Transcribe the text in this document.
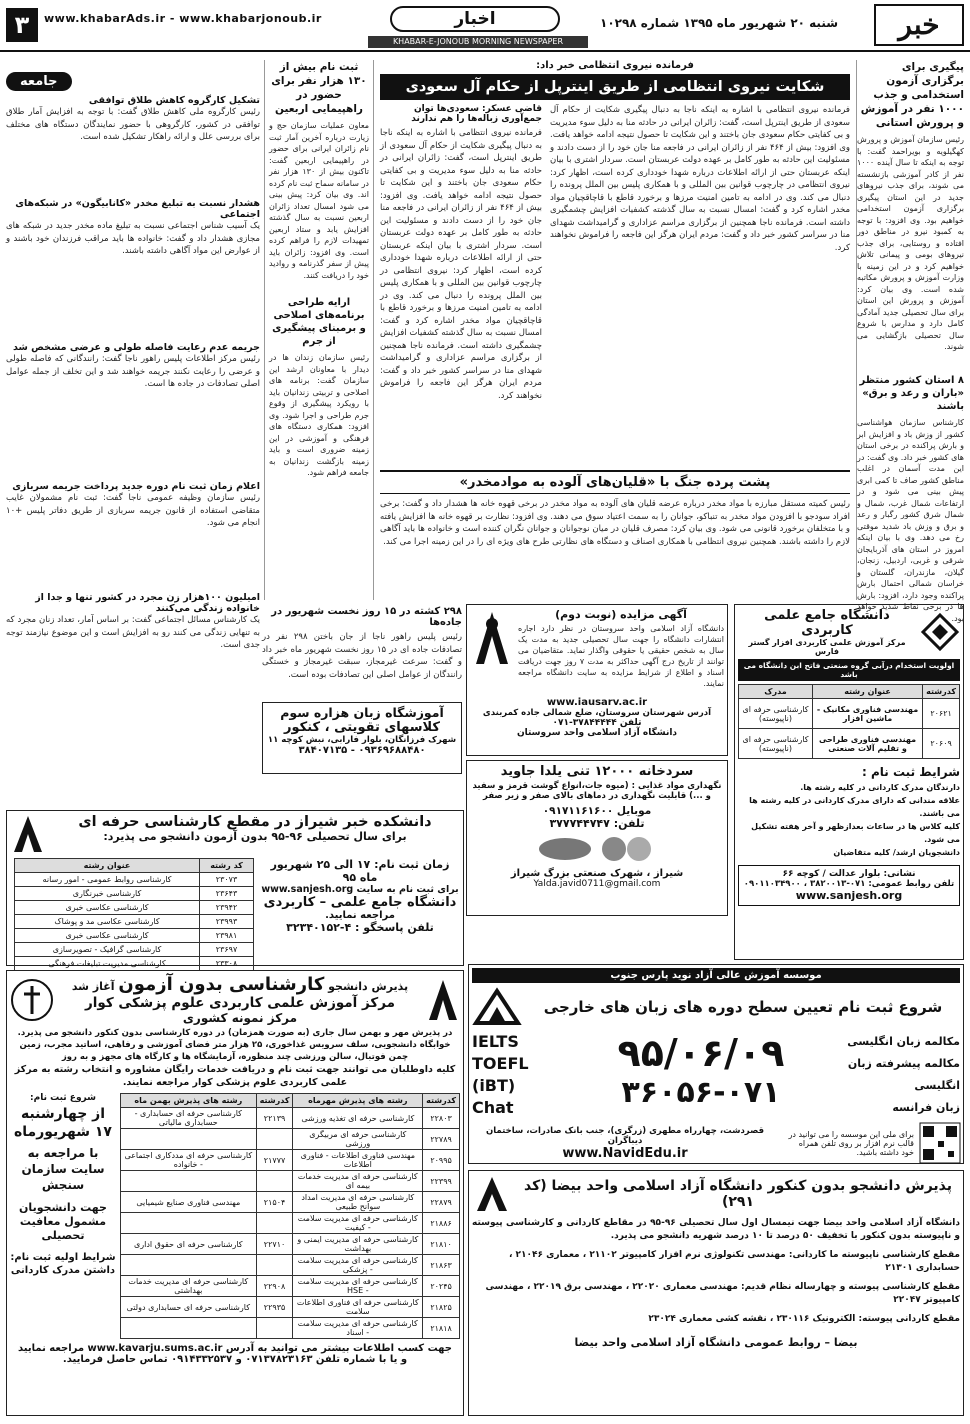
۳	www.khabarAds.ir - www.khabarjonoub.ir	اخبار
KHABAR-E-JONOUB MORNING NEWSPAPER
شنبه ۲۰ شهریور ماه ۱۳۹۵ شماره ۱۰۲۹۸	خبر
پیگیری برای برگزاری آزمون استخدامی و جذب ۱۰۰۰ نفر در آموزش و پرورش استانی
رئیس سازمان آموزش و پرورش کهگیلویه و بویراحمد گفت: با توجه به اینکه تا سال آینده ۱۰۰۰ نفر از کادر آموزشی بازنشسته می شوند، برای جذب نیروهای جدید در این استان پیگیری برگزاری آزمون استخدامی خواهیم بود. وی افزود: با توجه به کمبود نیرو در مناطق دور افتاده و روستایی، برای جذب نیروهای بومی و پیمانی تلاش خواهیم کرد و در این زمینه با وزارت آموزش و پرورش مکاتبه شده است. وی بیان کرد: آموزش و پرورش این استان برای سال تحصیلی جدید آمادگی کامل دارد و مدارس با شروع سال تحصیلی بازگشایی می شوند.
۸ استان کشور منتظر «باران و رعد و برق» باشند
کارشناس سازمان هواشناسی کشور از وزش باد و افزایش ابر و بارش پراکنده در برخی استان های کشور خبر داد. وی گفت: در این مدت آسمان در اغلب مناطق کشور صاف تا کمی ابری پیش بینی می شود و در ارتفاعات شمال غرب، شمال و شمال شرق کشور رگبار و رعد و برق و وزش باد شدید موقتی رخ می دهد. وی با بیان اینکه امروز در استان های آذربایجان شرقی و غربی، اردبیل، زنجان، گیلان، مازندران، گلستان و خراسان شمالی احتمال بارش پراکنده وجود دارد، افزود: بارش ها در برخی نقاط شدید خواهد بود.
فرمانده نیروی انتظامی خبر داد:
شکایت نیروی انتظامی از طریق اینترپل از حکام آل سعودی
فرمانده نیروی انتظامی با اشاره به اینکه ناجا به دنبال پیگیری شکایت از حکام آل سعودی از طریق اینترپل است، گفت: زائران ایرانی در حادثه منا به دلیل سوء مدیریت و بی کفایتی حکام سعودی جان باختند و این شکایت تا حصول نتیجه ادامه خواهد یافت. وی افزود: بیش از ۴۶۴ نفر از زائران ایرانی در فاجعه منا جان خود را از دست دادند و مسئولیت این حادثه به طور کامل بر عهده دولت عربستان است. سردار اشتری با بیان اینکه عربستان حتی از ارائه اطلاعات درباره شهدا خودداری کرده است، اظهار کرد: نیروی انتظامی در چارچوب قوانین بین المللی و با همکاری پلیس بین الملل پرونده را دنبال می کند. وی در ادامه به تامین امنیت مرزها و برخورد قاطع با قاچاقچیان مواد مخدر اشاره کرد و گفت: امسال نسبت به سال گذشته کشفیات افزایش چشمگیری داشته است. فرمانده ناجا همچنین از برگزاری مراسم عزاداری و گرامیداشت شهدای منا در سراسر کشور خبر داد و گفت: مردم ایران هرگز این فاجعه را فراموش نخواهند کرد.
قاضی عسکر: سعودی‌ها توان جمع‌آوری زباله‌ها را هم ندارند
فرمانده نیروی انتظامی با اشاره به اینکه ناجا به دنبال پیگیری شکایت از حکام آل سعودی از طریق اینترپل است، گفت: زائران ایرانی در حادثه منا به دلیل سوء مدیریت و بی کفایتی حکام سعودی جان باختند و این شکایت تا حصول نتیجه ادامه خواهد یافت. وی افزود: بیش از ۴۶۴ نفر از زائران ایرانی در فاجعه منا جان خود را از دست دادند و مسئولیت این حادثه به طور کامل بر عهده دولت عربستان است. سردار اشتری با بیان اینکه عربستان حتی از ارائه اطلاعات درباره شهدا خودداری کرده است، اظهار کرد: نیروی انتظامی در چارچوب قوانین بین المللی و با همکاری پلیس بین الملل پرونده را دنبال می کند. وی در ادامه به تامین امنیت مرزها و برخورد قاطع با قاچاقچیان مواد مخدر اشاره کرد و گفت: امسال نسبت به سال گذشته کشفیات افزایش چشمگیری داشته است. فرمانده ناجا همچنین از برگزاری مراسم عزاداری و گرامیداشت شهدای منا در سراسر کشور خبر داد و گفت: مردم ایران هرگز این فاجعه را فراموش نخواهند کرد.
ثبت نام بیش از ۱۳۰ هزار نفر برای حضور در راهپیمایی اربعین
معاون عملیات سازمان حج و زیارت درباره آخرین آمار ثبت نام زائران ایرانی برای حضور در راهپیمایی اربعین گفت: تاکنون بیش از ۱۳۰ هزار نفر در سامانه سماح ثبت نام کرده اند. وی بیان کرد: پیش بینی می شود امسال تعداد زائران اربعین نسبت به سال گذشته افزایش یابد و ستاد اربعین تمهیدات لازم را فراهم کرده است. وی افزود: زائران باید پیش از سفر گذرنامه و روادید خود را دریافت کنند.
ارایه طراحی برنامه‌های اصلاحی و برمبنای پیشگیری از جرم
رئیس سازمان زندان ها در دیدار با معاونان ارشد این سازمان گفت: برنامه های اصلاحی و تربیتی زندانیان باید با رویکرد پیشگیری از وقوع جرم طراحی و اجرا شود. وی افزود: همکاری دستگاه های فرهنگی و آموزشی در این زمینه ضروری است و باید زمینه بازگشت زندانیان به جامعه فراهم شود.
جامعه
تشکیل کارگروه کاهش طلاق توافقی
رئیس کارگروه ملی کاهش طلاق گفت: با توجه به افزایش آمار طلاق توافقی در کشور، کارگروهی با حضور نمایندگان دستگاه های مختلف برای بررسی علل و ارائه راهکار تشکیل شده است.
هشدار نسبت به تبلیغ مخدر «کانابیگون» در شبکه‌های اجتماعی
یک آسیب شناس اجتماعی نسبت به تبلیغ ماده مخدر جدید در شبکه های مجازی هشدار داد و گفت: خانواده ها باید مراقب فرزندان خود باشند و از عوارض این مواد آگاهی داشته باشند.
جریمه عدم رعایت فاصله طولی و عرضی مشخص شد
رئیس مرکز اطلاعات پلیس راهور ناجا گفت: رانندگانی که فاصله طولی و عرضی را رعایت نکنند جریمه خواهند شد و این تخلف از جمله عوامل اصلی تصادفات در جاده ها است.
اعلام زمان ثبت نام دوره جدید پرداخت جریمه سربازی
رئیس سازمان وظیفه عمومی ناجا گفت: ثبت نام مشمولان غایب متقاضی استفاده از قانون جریمه سربازی از طریق دفاتر پلیس +۱۰ انجام می شود.
امیلیون ۱۰۰هزار زن مجرد در کشور تنها و جدا از خانواده زندگی می‌کنند
یک کارشناس مسائل اجتماعی گفت: بر اساس آمار، تعداد زنان مجرد که به تنهایی زندگی می کنند رو به افزایش است و این موضوع نیازمند توجه جدی است.
پشت پرده جنگ با «قلیان‌های آلوده به موادمخدر»
رئیس کمیته مستقل مبارزه با مواد مخدر درباره عرضه قلیان های آلوده به مواد مخدر در برخی قهوه خانه ها هشدار داد و گفت: برخی افراد سودجو با افزودن مواد مخدر به تنباکو، جوانان را به سمت اعتیاد سوق می دهند. وی افزود: نظارت بر قهوه خانه ها افزایش یافته و با متخلفان برخورد قانونی می شود. وی بیان کرد: مصرف قلیان در میان نوجوانان و جوانان نگران کننده است و خانواده ها باید آگاهی لازم را داشته باشند. همچنین نیروی انتظامی با همکاری اصناف و دستگاه های نظارتی طرح های ویژه ای را در این زمینه اجرا می کند.
۲۹۸ کشته در ۱۵ روز نخست شهریور در جاده‌ها
رئیس پلیس راهور ناجا از جان باختن ۲۹۸ نفر در تصادفات جاده ای در ۱۵ روز نخست شهریور ماه خبر داد و گفت: سرعت غیرمجاز، سبقت غیرمجاز و خستگی رانندگان از عوامل اصلی این تصادفات بوده است.
آموزشگاه زبان هزاره سوم
کلاسهای تقویتی ، کنکور
شهرک فرزانگان، بلوار فارابی، نبش کوچه ۱۱
۰۹۳۶۹۶۸۸۴۸۰ - ۳۸۴۰۷۱۳۵
آگهی مزایده (نوبت دوم)
دانشگاه آزاد اسلامی واحد سروستان در نظر دارد اجاره انتشارات دانشگاه را جهت سال تحصیلی جدید به مدت یک سال به شخص حقیقی یا حقوقی واگذار نماید. متقاضیان می توانند از تاریخ درج آگهی حداکثر به مدت ۷ روز جهت دریافت اسناد و اطلاع از شرایط مزایده به سایت دانشگاه مراجعه نمایند.
www.iausarv.ac.ir
آدرس شهرستان سروستان، ضلع شمالی جاده کمربندی
تلفن ۳۷۸۴۴۴۴۴-۰۷۱
دانشگاه آزاد اسلامی واحد سروستان
سردخانه ۱۲۰۰۰ تنی یلدا جاوید
نگهداری مواد غذایی : (میوه جات،انواع گوشت قرمز و سفید و ...) قابلیت نگهداری در دماهای بالای صفر و زیر صفر
موبایل ۰۹۱۷۱۱۶۱۶۰۰
تلفن: ۳۷۷۷۴۴۷۴۷
شیراز ، شهرک صنعتی بزرگ شیراز
Yalda.javid0711@gmail.com
دانشگاه جامع علمی کاربردی
مرکز آموزش علمی کاربردی افزار گستر فارس
اولویت استخدام درآبی گروه صنعتی فاتح ابن دانشگاه می باشد
کدرشته	عنوان رشته	مدرک
۲۰۶۲۱	مهندسی فناوری مکانیک - ماشین افزار	کارشناسی حرفه ای (ناپیوسته)
۲۰۶۰۹	مهندسی فناوری طراحی و تقلیم آلات صنعتی	کارشناسی حرفه ای (ناپیوسته)
شرایط ثبت نام :
دارندگان مدرک کاردانی در کلیه رشته ها.
علاقه مندانی که دارای مدرک کاردانی در کلیه رشته ها می باشند.
کلیه کلاس ها در ساعات بعدازظهر و آخر هفته تشکیل می شود.
دانشجویان ارشد/ کلیه متقاضیان
نشانی: بلوار عدالت / کوچه ۶۶
تلفن روابط عمومی: ۰۷۱-۳۸۲۰۰۱۳ ، ۰۹۰۱۱۰۳۴۹۰۰
www.sanjesh.org
دانشکده خبر شیراز در مقطع کارشناسی حرفه ای
برای سال تحصیلی ۹۶-۹۵ بدون آزمون دانشجو می پذیرد:
زمان ثبت نام: ۱۷ الی ۲۵ شهریور ماه ۹۵
برای ثبت نام به سایت www.sanjesh.org
دانشگاه جامع علمی – کاربردی
مراجعه نمایید.
تلفن پاسخگو : ۴-۳۲۳۴۰۱۵۲
کد رشته	عنوان رشته
۲۳۰۷۳	کارشناسی روابط عمومی - امور رسانه
۲۳۶۴۳	کارشناسی خبرنگاری
۲۳۹۴۲	کارشناسی عکاسی خبری
۲۳۹۹۳	کارشناسی عکاسی مد و پوشاک
۲۳۹۸۱	کارشناسی عکاسی خبری
۲۳۶۹۷	کارشناسی گرافیک - تصویرسازی
۲۳۳۰۸	کارشناسی مدیریت تبلیغات فرهنگی
موسسه آموزش عالی آزاد نوید پارس جنوب
شروع ثبت نام تعیین سطح دوره های زبان های خارجی
مکالمه زبان انگلیسی
مکالمه پیشرفته زبان انگلیسی
زبان فرانسه
۹۵/۰۶/۰۹
۳۶۰۵۶-۰۷۱
IELTS
TOEFL (iBT)
Chat
برای ملی این موسسه را می توانید در قالب نرم افزار بر روی تلفن همراه خود داشته باشید.
قصردشت، چهارراه مطهری (زرگری)، جنب بانک صادرات، ساختمان دیباگران
www.NavidEdu.ir
پذیرش دانشجو کارشناسی بدون آزمون آغاز شد
مرکز آموزش علمی کاربردی علوم پزشکی کوار
مرکز نمونه کشوری
در پذیرش مهر و بهمن سال جاری (به صورت همزمان) در دوره کارشناسی بدون کنکور دانشجو می پذیرد.
خوابگاه دانشجویی، سلف سرویس غذاخوری، ۲۵ هزار متر فضای آموزشی و رفاهی، اساتید مجرب، زمین چمن فوتبال، سالن ورزشی چند منظوره، آزمایشگاه ها و کارگاه های مجهز و به روز
کلیه داوطلبان می توانند جهت ثبت نام و دریافت خدمات رایگان مشاوره و انتخاب رشته به مرکز علمی کاربردی علوم پزشکی کوار مراجعه نمایند.
کدرشته	رشته های پذیرش مهرماه	کدرشته	رشته های پذیرش بهمن ماه
۲۲۸۰۳	کارشناسی حرفه ای تغذیه ورزشی	۲۲۱۳۹	کارشناسی حرفه ای حسابداری - حسابداری مالیاتی
۲۲۷۸۹	کارشناسی حرفه ای مربیگری ورزشی		
۲۰۹۹۵	مهندسی فناوری اطلاعات - فناوری اطلاعات	۲۱۷۷۷	کارشناسی حرفه ای مددکاری اجتماعی - خانواده
۲۲۳۹۹	کارشناسی حرفه ای مدیریت خدمات بیمه ای		
۲۲۸۷۹	کارشناسی حرفه ای مدیریت امداد سوانح طبیعی	۲۱۵۰۴	مهندسی فناوری صنایع شیمیایی
۲۱۸۸۶	کارشناسی حرفه ای مدیریت سلامت - کیفیت		
۲۱۸۱۰	کارشناسی حرفه ای مدیریت ایمنی و بهداشت	۲۲۷۱۰	کارشناسی حرفه ای حقوق اداری
۲۱۸۶۳	کارشناسی حرفه ای مدیریت سلامت - پزشکی		
۲۰۲۴۵	کارشناسی حرفه ای مدیریت سلامت - HSE	۲۲۹۰۸	کارشناسی حرفه ای مدیریت خدمات بهداشتی
۲۱۸۲۵	کارشناسی حرفه ای فناوری اطلاعات سلامت	۲۲۹۳۵	کارشناسی حرفه ای حسابداری دولتی
۲۱۸۱۸	کارشناسی حرفه ای مدیریت سلامت - اسناد		
شروع ثبت نام:
از چهارشنبه ۱۷ شهریورماه
با مراجعه به سایت سازمان سنجش
جهت دانشجویان مشمول معافیت تحصیلی
شرایط اولیه ثبت نام: داشتن مدرک کاردانی
جهت کسب اطلاعات بیشتر می توانید به آدرس www.kavarju.sums.ac.ir مراجعه نمایید
و یا با شماره تلفن ۰۷۱۳۷۸۲۳۱۶۳ و ۰۹۱۴۳۳۲۵۳۷ تماس حاصل فرمایید.
پذیرش دانشجو بدون کنکور دانشگاه آزاد اسلامی واحد بیضا (کد ۲۹۱)
دانشگاه آزاد اسلامی واحد بیضا جهت نیمسال اول سال تحصیلی ۹۶-۹۵ در مقاطع کاردانی و کارشناسی پیوسته و ناپیوسته بدون کنکور با تخفیف ۵۰ درصد تا ۱۰ درصد شهریه دانشجو می پذیرد.
مقطع کارشناسی ناپیوسته ما کاردانی: مهندسی تکنولوژی نرم افزار کامپیوتر ۲۱۱۰۲ ، معماری ۲۱۰۴۶ ، حسابداری ۲۱۳۰۱
مقطع کارشناسی پیوسته و چهارساله نظام قدیم: مهندسی معماری ۲۲۰۲۰ ، مهندسی برق ۲۲۰۱۹ ، مهندسی کامپیوتر ۲۲۰۴۷
مقطع کاردانی پیوسته: الکترونیک ۲۳۰۱۱۶ ، نقشه کشی معماری ۲۳۰۲۴
بیضا – روابط عمومی دانشگاه آزاد اسلامی واحد بیضا
